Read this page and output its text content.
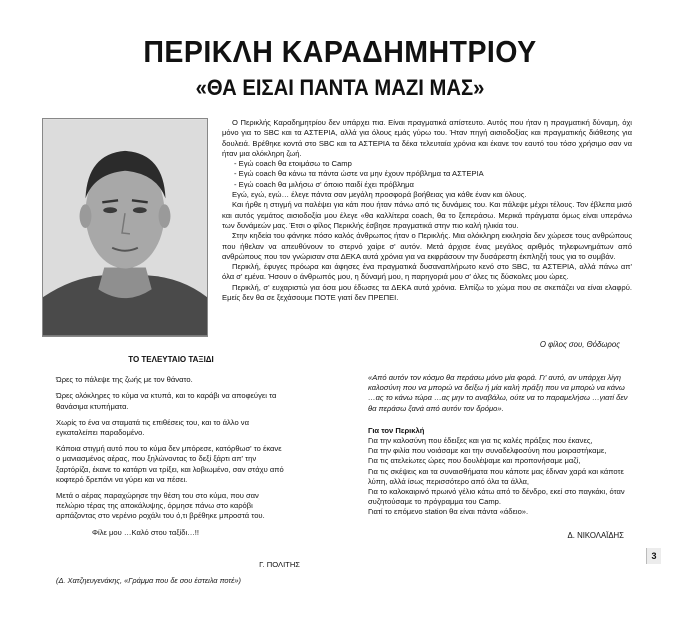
ΠΕΡΙΚΛΗ ΚΑΡΑΔΗΜΗΤΡΙΟΥ
«ΘΑ ΕΙΣΑΙ ΠΑΝΤΑ ΜΑΖΙ ΜΑΣ»

Ο Περικλής Καραδημητρίου δεν υπάρχει πια. Είναι πραγματικά απίστευτο. Αυτός που ήταν η πραγματική δύναμη, όχι μόνο για το SBC και τα ΑΣΤΕΡΙΑ, αλλά για όλους εμάς γύρω του. Ήταν πηγή αισιοδοξίας και πραγματικής διάθεσης για δουλειά. Βρέθηκε κοντά στο SBC και τα ΑΣΤΕΡΙΑ τα δέκα τελευταία χρόνια και έκανε τον εαυτό του τόσο χρήσιμο σαν να ήταν μια ολόκληρη ζωή.

- Εγώ coach θα ετοιμάσω το Camp

- Εγώ coach θα κάνω τα πάντα ώστε να μην έχουν πρόβλημα τα ΑΣΤΕΡΙΑ

- Εγώ coach θα μιλήσω σ' όποιο παιδί έχει πρόβλημα

Εγώ, εγώ, εγώ… έλεγε πάντα σαν μεγάλη προσφορά βοήθειας για κάθε έναν και όλους.

Και ήρθε η στιγμή να παλέψει για κάτι που ήταν πάνω από τις δυνάμεις του. Και πάλεψε μέχρι τέλους. Τον έβλεπα μισό και αυτός γεμάτος αισιοδοξία μου έλεγε «θα καλλίτερα coach, θα το ξεπεράσω. Μερικά πράγματα όμως είναι υπεράνω των δυνάμεών μας. Έτσι ο φίλος Περικλής έσβησε πραγματικά στην πιο καλή ηλικία του.

Στην κηδεία του φάνηκε πόσο καλός άνθρωπος ήταν ο Περικλής. Μια ολόκληρη εκκλησία δεν χώρεσε τους ανθρώπους που ήθελαν να απευθύνουν το στερνό χαίρε σ' αυτόν. Μετά άρχισε ένας μεγάλος αριθμός τηλεφωνημάτων από ανθρώπους που τον γνώρισαν στα ΔΕΚΑ αυτά χρόνια για να εκφράσουν την δυσάρεστη έκπληξή τους για το συμβάν.

Περικλή, έφυγες πρόωρα και άφησες ένα πραγματικά δυσαναπλήρωτο κενό στο SBC, τα ΑΣΤΕΡΙΑ, αλλά πάνω απ' όλα σ' εμένα. Ήσουν ο άνθρωπός μου, η δύναμή μου, η παρηγοριά μου σ' όλες τις δύσκολες μου ώρες.

Περικλή, σ' ευχαριστώ για όσα μου έδωσες τα ΔΕΚΑ αυτά χρόνια. Ελπίζω το χώμα που σε σκεπάζει να είναι ελαφρύ. Εμείς δεν θα σε ξεχάσουμε ΠΟΤΕ γιατί δεν ΠΡΕΠΕΙ.

Ο φίλος σου, Θόδωρος
ΤΟ ΤΕΛΕΥΤΑΙΟ ΤΑΞΙΔΙ

Ώρες το πάλεψε της ζωής με τον θάνατο.

Ώρες ολόκληρες το κύμα να κτυπά, και το καράβι να αποφεύγει τα θανάσιμα κτυπήματα.

Χωρίς το ένα να σταματά τις επιθέσεις του, και το άλλο να εγκαταλείπει παραδομένο.

Κάποια στιγμή αυτό που το κύμα δεν μπόρεσε, κατόρθωσ' το έκανε ο μανιασμένος αέρας, που ξηλώνοντας το δεξί ξάρτι απ' την ξαρτόρίζα, έκανε το κατάρτι να τρίξει, και λοβιωμένο, σαν στάχυ από κοφτερό δρεπάνι να γύρει και να πέσει.

Μετά ο αέρας παραχώρησε την θέση του στο κύμα, που σαν πελώριο τέρας της αποκάλυψης, όρμησε πάνω στο καρόβι αρπάζοντας στο νερένιο ροχάλι του ό,τι βρέθηκε μπροστά του.

Φίλε μου …Καλό στου ταξίδι…!!

Γ. ΠΟΛΙΤΗΣ
(Δ. Χατζηευγενάκης, «Γράμμα που δε σου έστειλα ποτέ»)

«Από αυτόν τον κόσμο θα περάσω μόνο μία φορά. Γι' αυτό, αν υπάρχει λίγη καλοσύνη που να μπορώ να δείξω ή μία καλή πράξη που να μπορώ να κάνω …ας το κάνω τώρα …ας μην το αναβάλω, ούτε να το παραμελήσω …γιατί δεν θα περάσω ξανά από αυτόν τον δρόμο».

Για τον Περικλή

Για την καλοσύνη που έδειξες και για τις καλές πράξεις που έκανες,

Για την φιλία που νοιάσαμε και την συναδελφοσύνη που μοιραστήκαμε,

Για τις ατελείωτες ώρες που δουλέψαμε και προπονήσαμε μαζί,

Για τις σκέψεις και τα συναισθήματα που κάποτε μας έδιναν χαρά και κάποτε λύπη, αλλά ίσως περισσότερο από όλα τα άλλα,

Για το καλοκαιρινό πρωινό γέλιο κάτω από το δένδρο, εκεί στο παγκάκι, όταν συζητούσαμε το πρόγραμμα του Camp.

Γιατί το επόμενο station θα είναι πάντα «άδειο».

Δ. ΝΙΚΟΛΑΪΔΗΣ
3
